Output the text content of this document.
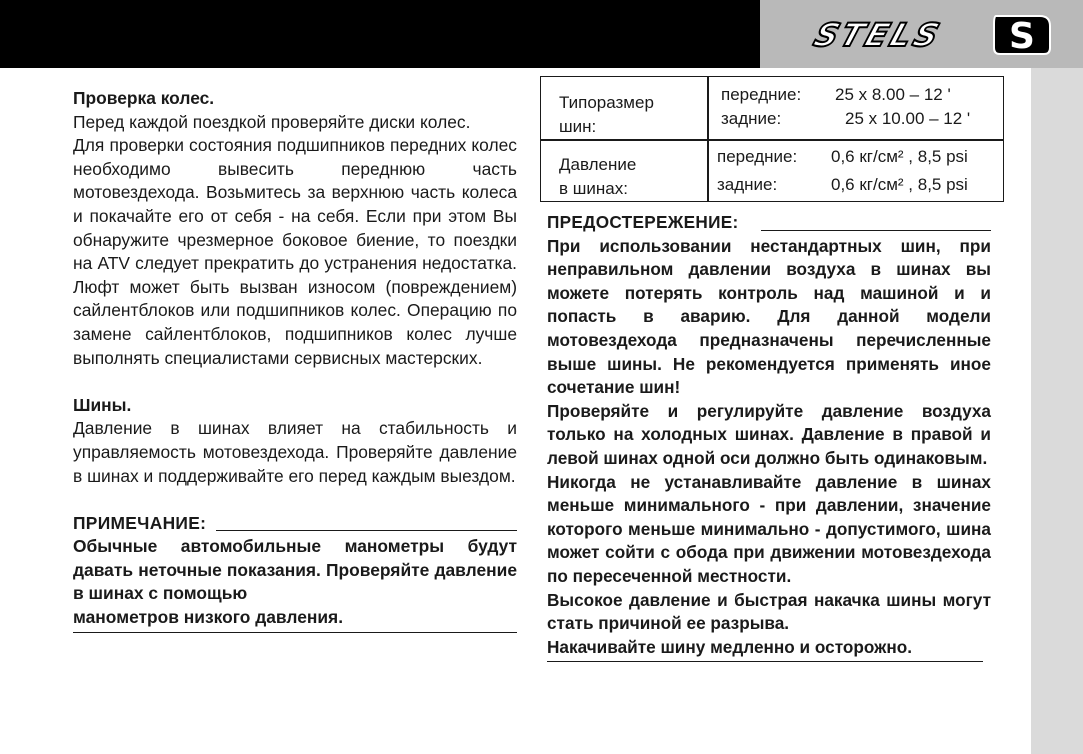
STELS	S

Проверка колес.

Перед каждой поездкой проверяйте диски колес.

Для проверки состояния подшипников передних колес необходимо вывесить переднюю часть мотовездехода. Возьмитесь за верхнюю часть колеса и покачайте его от себя - на себя. Если при этом Вы обнаружите чрезмерное боковое биение, то поездки на ATV следует прекратить до устранения недостатка. Люфт может быть вызван износом (повреждением) сайлентблоков или подшипников колес. Операцию по замене сайлентблоков, подшипников колес лучше выполнять специалистами сервисных мастерских.

Шины.

Давление в шинах влияет на стабильность и управляемость мотовездехода. Проверяйте давление в шинах и поддерживайте его перед каждым выездом.

ПРИМЕЧАНИЕ:

Обычные автомобильные манометры будут давать неточные показания. Проверяйте давление в шинах с помощью

манометров низкого давления.

Типоразмер
шин:
передние:	25 x 8.00 – 12 '
задние:	25 x 10.00 – 12 '
Давление
в шинах:
передние:	0,6 кг/см² , 8,5 psi
задние:	0,6 кг/см² , 8,5 psi
ПРЕДОСТЕРЕЖЕНИЕ:

При использовании нестандартных шин, при неправильном давлении воздуха в шинах вы можете потерять контроль над машиной и и попасть в аварию. Для данной модели мотовездехода предназначены перечисленные выше шины. Не рекомендуется применять иное сочетание шин!

Проверяйте и регулируйте давление воздуха только на холодных шинах. Давление в правой и левой шинах одной оси должно быть одинаковым.

Никогда не устанавливайте давление в шинах меньше минимального - при давлении, значение которого меньше минимально - допустимого, шина может сойти с обода при движении мотовездехода по пересеченной местности.

Высокое давление и быстрая накачка шины могут стать причиной ее разрыва.

Накачивайте шину медленно и осторожно.
